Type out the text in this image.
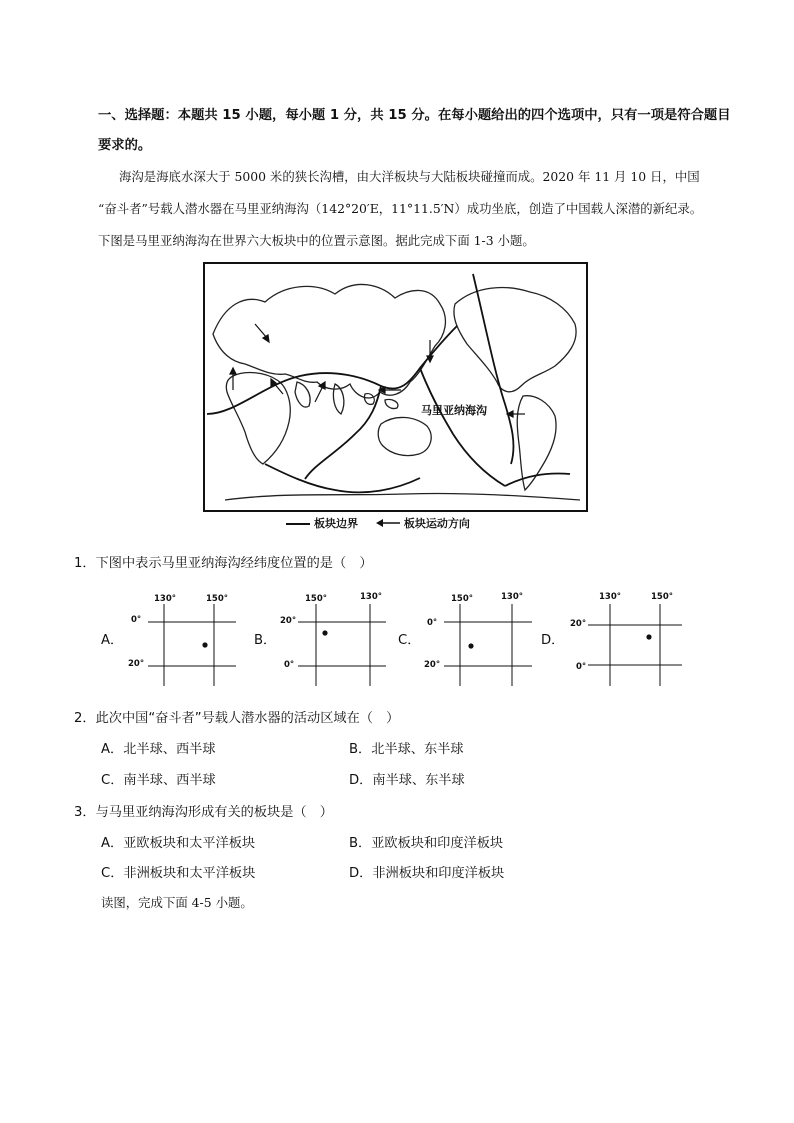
一、选择题：本题共 15 小题，每小题 1 分，共 15 分。在每小题给出的四个选项中，只有一项是符合题目
要求的。
海沟是海底水深大于 5000 米的狭长沟槽，由大洋板块与大陆板块碰撞而成。2020 年 11 月 10 日，中国
“奋斗者”号载人潜水器在马里亚纳海沟（142°20′E，11°11.5′N）成功坐底，创造了中国载人深潜的新纪录。
下图是马里亚纳海沟在世界六大板块中的位置示意图。据此完成下面 1-3 小题。
马里亚纳海沟
板块边界	板块运动方向
1．下图中表示马里亚纳海沟经纬度位置的是（　）
A．
130°	150°
0°
20°
B．
150°	130°
20°
0°
C．
150°	130°
0°
20°
D．
130°	150°
20°
0°
2．此次中国“奋斗者”号载人潜水器的活动区域在（　）
A．北半球、西半球	B．北半球、东半球
C．南半球、西半球	D．南半球、东半球
3．与马里亚纳海沟形成有关的板块是（　）
A．亚欧板块和太平洋板块	B．亚欧板块和印度洋板块
C．非洲板块和太平洋板块	D．非洲板块和印度洋板块
读图，完成下面 4-5 小题。
